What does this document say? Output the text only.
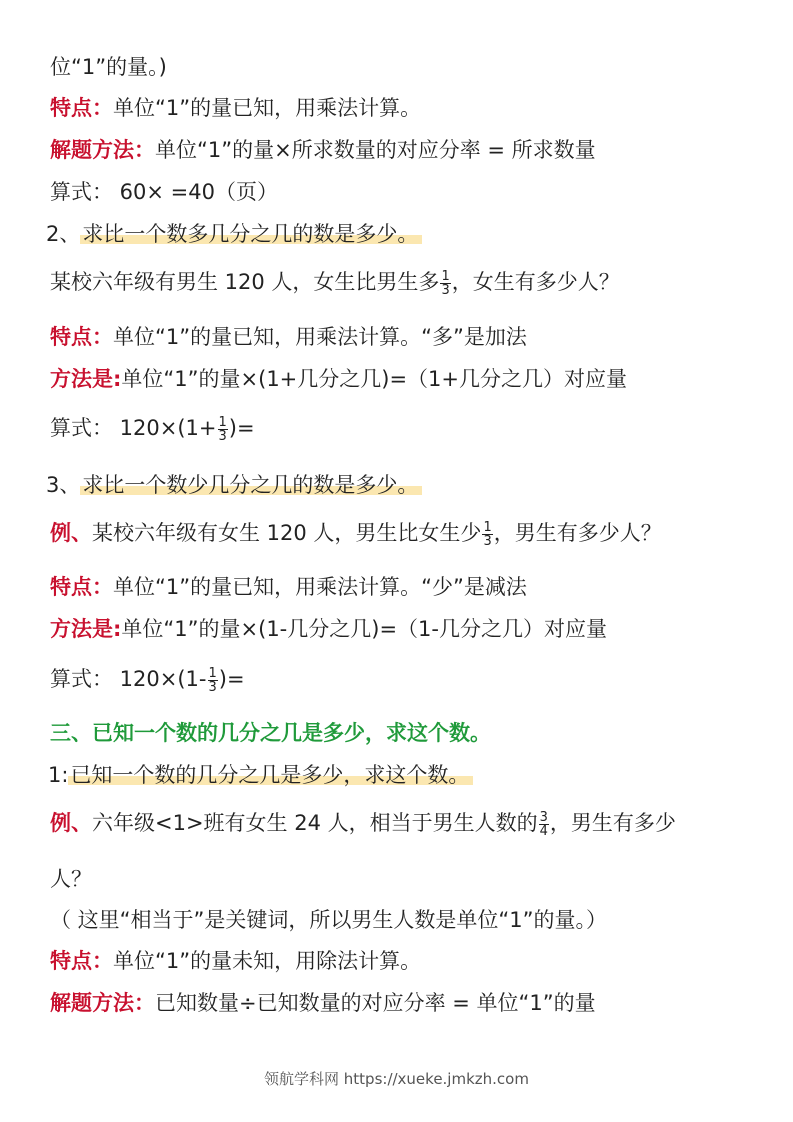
位“1”的量。)
特点：单位“1”的量已知，用乘法计算。
解题方法：单位“1”的量×所求数量的对应分率 = 所求数量
算式： 60× =40（页）
2、求比一个数多几分之几的数是多少。
某校六年级有男生 120 人，女生比男生多 $\frac{1}{3}$ ，女生有多少人？
特点：单位“1”的量已知，用乘法计算。“多”是加法
方法是:单位“1”的量×(1+几分之几)=（1+几分之几）对应量
算式： $120\times(1+ \frac{1}{3}$ )=
3、求比一个数少几分之几的数是多少。
例、某校六年级有女生 120 人，男生比女生少 $\frac{1}{3}$ ，男生有多少人？
特点：单位“1”的量已知，用乘法计算。“少”是减法
方法是:单位“1”的量×(1-几分之几)=（1-几分之几）对应量
算式： $120\times(1- \frac{1}{3}$ )=
三、已知一个数的几分之几是多少，求这个数。
1:已知一个数的几分之几是多少，求这个数。
例、六年级<1>班有女生 24 人，相当于男生人数的 $\frac{3}{4}$ ，男生有多少
人？
（ 这里“相当于”是关键词，所以男生人数是单位“1”的量。）
特点：单位“1”的量未知，用除法计算。
解题方法：已知数量÷已知数量的对应分率 = 单位“1”的量
领航学科网 https://xueke.jmkzh.com
